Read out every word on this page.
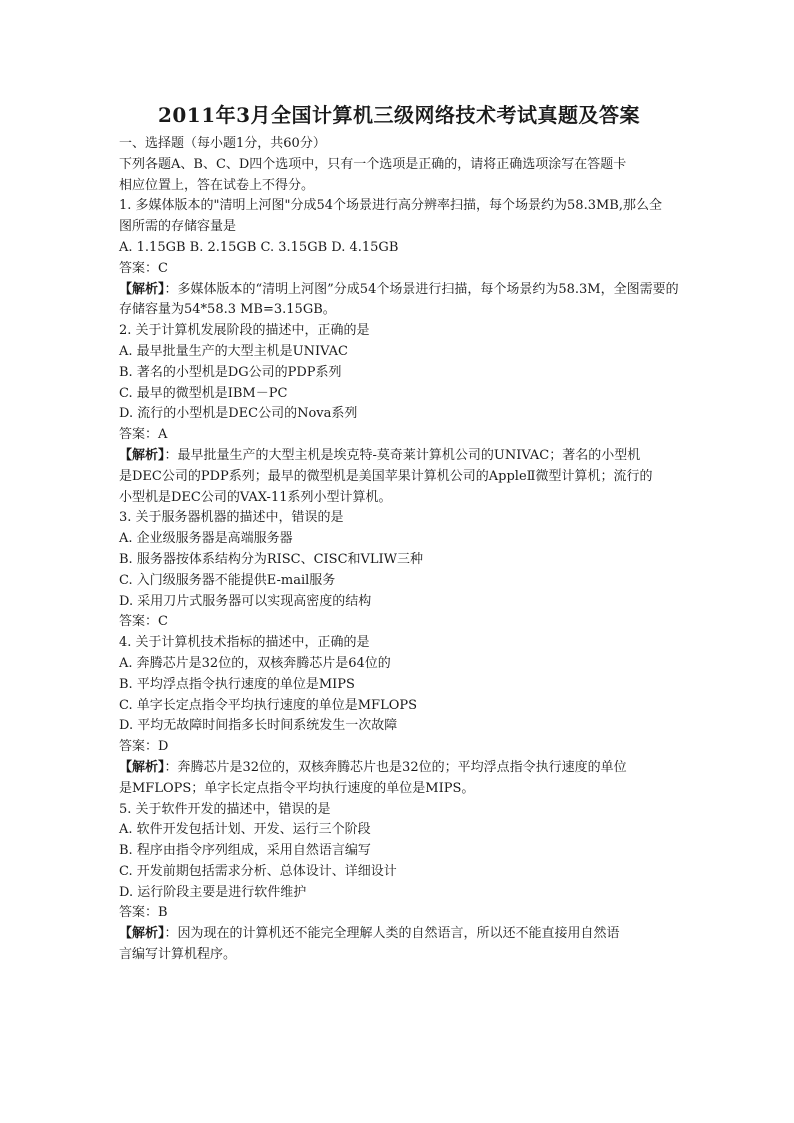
2011年3月全国计算机三级网络技术考试真题及答案

一、选择题（每小题1分，共60分）

下列各题A、B、C、D四个选项中，只有一个选项是正确的，请将正确选项涂写在答题卡

相应位置上，答在试卷上不得分。

1. 多媒体版本的"清明上河图"分成54个场景进行高分辨率扫描，每个场景约为58.3MB,那么全

图所需的存储容量是

A. 1.15GB B. 2.15GB C. 3.15GB D. 4.15GB

答案：C

【解析】：多媒体版本的“清明上河图”分成54个场景进行扫描，每个场景约为58.3M，全图需要的

存储容量为54*58.3 MB=3.15GB。

2. 关于计算机发展阶段的描述中，正确的是

A. 最早批量生产的大型主机是UNIVAC

B. 著名的小型机是DG公司的PDP系列

C. 最早的微型机是IBM－PC

D. 流行的小型机是DEC公司的Nova系列

答案：A

【解析】：最早批量生产的大型主机是埃克特-莫奇莱计算机公司的UNIVAC；著名的小型机

是DEC公司的PDP系列；最早的微型机是美国苹果计算机公司的AppleⅡ微型计算机；流行的

小型机是DEC公司的VAX-11系列小型计算机。

3. 关于服务器机器的描述中，错误的是

A. 企业级服务器是高端服务器

B. 服务器按体系结构分为RISC、CISC和VLIW三种

C. 入门级服务器不能提供E-mail服务

D. 采用刀片式服务器可以实现高密度的结构

答案：C

4. 关于计算机技术指标的描述中，正确的是

A. 奔腾芯片是32位的，双核奔腾芯片是64位的

B. 平均浮点指令执行速度的单位是MIPS

C. 单字长定点指令平均执行速度的单位是MFLOPS

D. 平均无故障时间指多长时间系统发生一次故障

答案：D

【解析】：奔腾芯片是32位的，双核奔腾芯片也是32位的；平均浮点指令执行速度的单位

是MFLOPS；单字长定点指令平均执行速度的单位是MIPS。

5. 关于软件开发的描述中，错误的是

A. 软件开发包括计划、开发、运行三个阶段

B. 程序由指令序列组成，采用自然语言编写

C. 开发前期包括需求分析、总体设计、详细设计

D. 运行阶段主要是进行软件维护

答案：B

【解析】：因为现在的计算机还不能完全理解人类的自然语言，所以还不能直接用自然语

言编写计算机程序。
